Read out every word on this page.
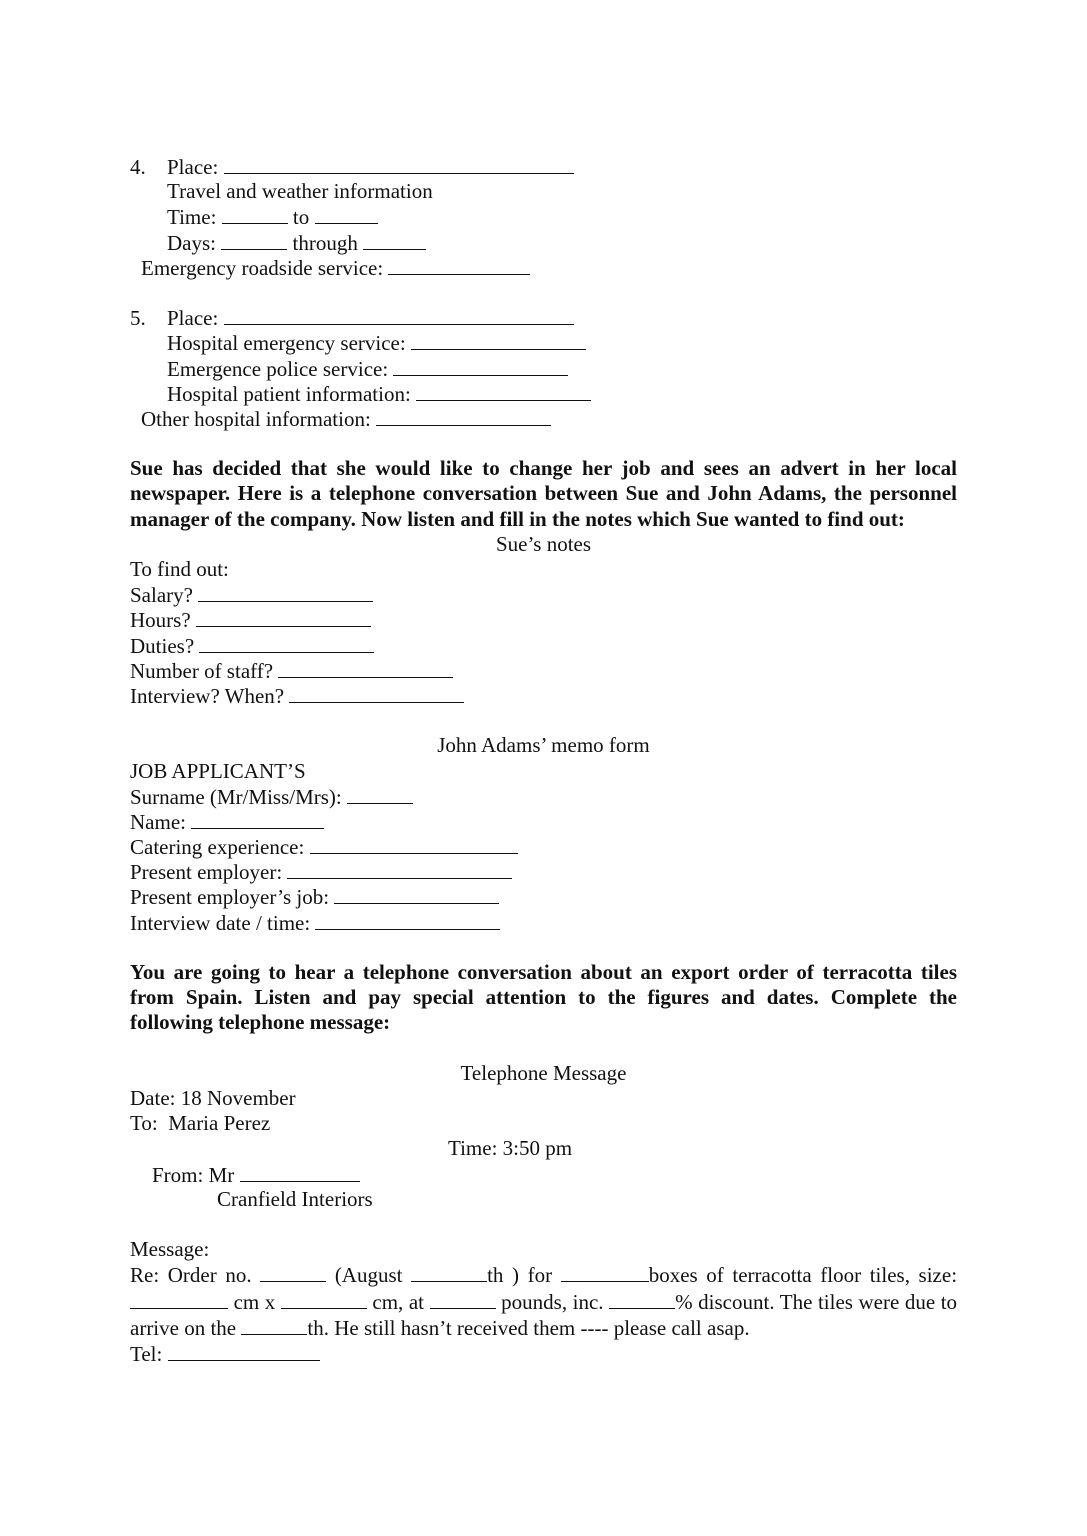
4. Place:
Travel and weather information
Time:	to
Days:	through
Emergency roadside service:
5. Place:
Hospital emergency service:
Emergence police service:
Hospital patient information:
Other hospital information:
Sue has decided that she would like to change her job and sees an advert in her local newspaper. Here is a telephone conversation between Sue and John Adams, the personnel manager of the company. Now listen and fill in the notes which Sue wanted to find out:
Sue’s notes
To find out:
Salary?
Hours?
Duties?
Number of staff?
Interview? When?
John Adams’ memo form
JOB APPLICANT’S
Surname (Mr/Miss/Mrs):
Name:
Catering experience:
Present employer:
Present employer’s job:
Interview date / time:
You are going to hear a telephone conversation about an export order of terracotta tiles from Spain. Listen and pay special attention to the figures and dates. Complete the following telephone message:
Telephone Message
Date: 18 November
To:  Maria Perez
Time: 3:50 pm
From: Mr
Cranfield Interiors
Message:
Re: Order no.	(August	th ) for	boxes of terracotta floor tiles, size:  cm x	cm, at	pounds, inc.	% discount. The tiles were due to arrive on the	th. He still hasn’t received them ---- please call asap.
Tel:
